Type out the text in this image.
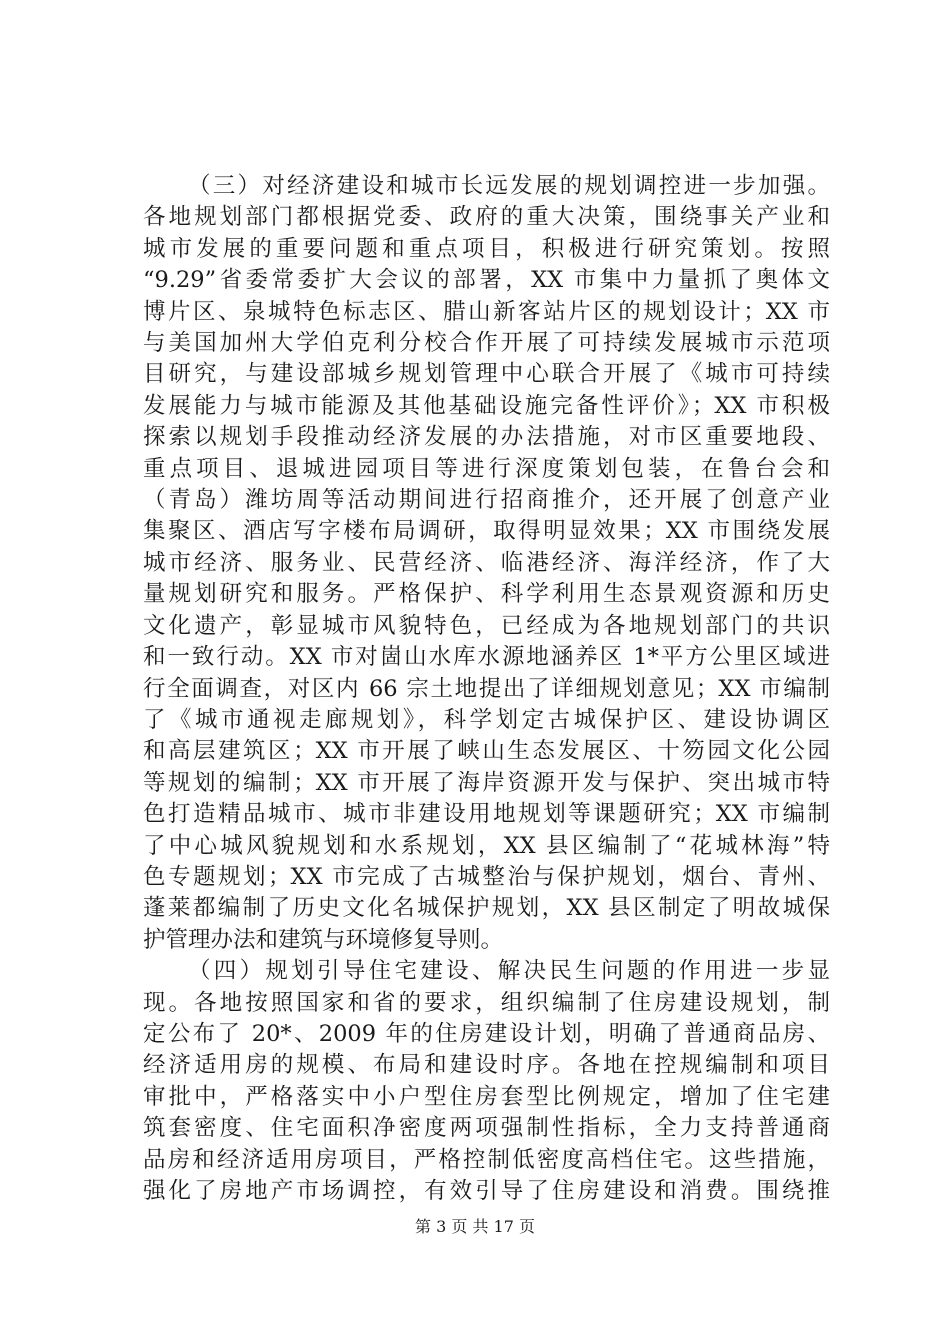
（三）对经济建设和城市长远发展的规划调控进一步加强。
各地规划部门都根据党委、政府的重大决策，围绕事关产业和
城市发展的重要问题和重点项目，积极进行研究策划。按照
“9.29”省委常委扩大会议的部署，XX 市集中力量抓了奥体文
博片区、泉城特色标志区、腊山新客站片区的规划设计；XX 市
与美国加州大学伯克利分校合作开展了可持续发展城市示范项
目研究，与建设部城乡规划管理中心联合开展了《城市可持续
发展能力与城市能源及其他基础设施完备性评价》；XX 市积极
探索以规划手段推动经济发展的办法措施，对市区重要地段、
重点项目、退城进园项目等进行深度策划包装，在鲁台会和
（青岛）潍坊周等活动期间进行招商推介，还开展了创意产业
集聚区、酒店写字楼布局调研，取得明显效果；XX 市围绕发展
城市经济、服务业、民营经济、临港经济、海洋经济，作了大
量规划研究和服务。严格保护、科学利用生态景观资源和历史
文化遗产，彰显城市风貌特色，已经成为各地规划部门的共识
和一致行动。XX 市对崮山水库水源地涵养区 1*平方公里区域进
行全面调查，对区内 66 宗土地提出了详细规划意见；XX 市编制
了《城市通视走廊规划》，科学划定古城保护区、建设协调区
和高层建筑区；XX 市开展了峡山生态发展区、十笏园文化公园
等规划的编制；XX 市开展了海岸资源开发与保护、突出城市特
色打造精品城市、城市非建设用地规划等课题研究；XX 市编制
了中心城风貌规划和水系规划，XX 县区编制了“花城林海”特
色专题规划；XX 市完成了古城整治与保护规划，烟台、青州、
蓬莱都编制了历史文化名城保护规划，XX 县区制定了明故城保
护管理办法和建筑与环境修复导则。
（四）规划引导住宅建设、解决民生问题的作用进一步显
现。各地按照国家和省的要求，组织编制了住房建设规划，制
定公布了 20*、2009 年的住房建设计划，明确了普通商品房、
经济适用房的规模、布局和建设时序。各地在控规编制和项目
审批中，严格落实中小户型住房套型比例规定，增加了住宅建
筑套密度、住宅面积净密度两项强制性指标，全力支持普通商
品房和经济适用房项目，严格控制低密度高档住宅。这些措施，
强化了房地产市场调控，有效引导了住房建设和消费。围绕推
第 3 页 共 17 页
